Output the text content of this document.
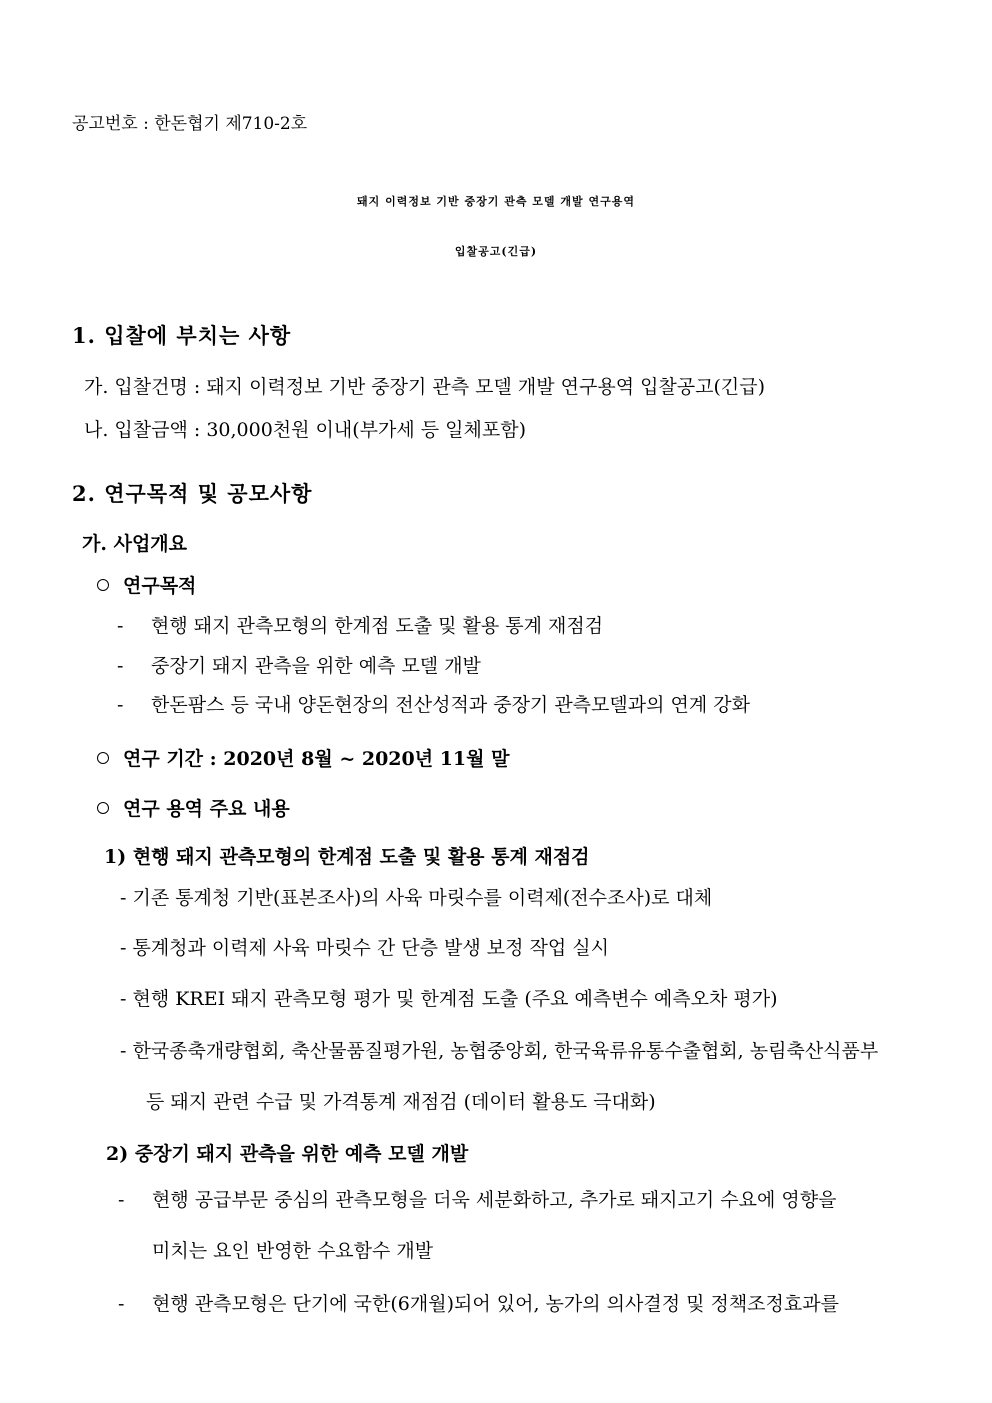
공고번호 : 한돈협기 제710-2호
돼지 이력정보 기반 중장기 관측 모델 개발 연구용역
입찰공고(긴급)
1. 입찰에 부치는 사항
가. 입찰건명 : 돼지 이력정보 기반 중장기 관측 모델 개발 연구용역 입찰공고(긴급)
나. 입찰금액 : 30,000천원 이내(부가세 등 일체포함)
2. 연구목적 및 공모사항
가. 사업개요
연구목적
- 현행 돼지 관측모형의 한계점 도출 및 활용 통계 재점검
- 중장기 돼지 관측을 위한 예측 모델 개발
- 한돈팜스 등 국내 양돈현장의 전산성적과 중장기 관측모델과의 연계 강화
연구 기간 : 2020년 8월 ~ 2020년 11월 말
연구 용역 주요 내용
1) 현행 돼지 관측모형의 한계점 도출 및 활용 통계 재점검
- 기존 통계청 기반(표본조사)의 사육 마릿수를 이력제(전수조사)로 대체
- 통계청과 이력제 사육 마릿수 간 단층 발생 보정 작업 실시
- 현행 KREI 돼지 관측모형 평가 및 한계점 도출 (주요 예측변수 예측오차 평가)
- 한국종축개량협회, 축산물품질평가원, 농협중앙회, 한국육류유통수출협회, 농림축산식품부
등 돼지 관련 수급 및 가격통계 재점검 (데이터 활용도 극대화)
2) 중장기 돼지 관측을 위한 예측 모델 개발
- 현행 공급부문 중심의 관측모형을 더욱 세분화하고, 추가로 돼지고기 수요에 영향을
미치는 요인 반영한 수요함수 개발
- 현행 관측모형은 단기에 국한(6개월)되어 있어, 농가의 의사결정 및 정책조정효과를
